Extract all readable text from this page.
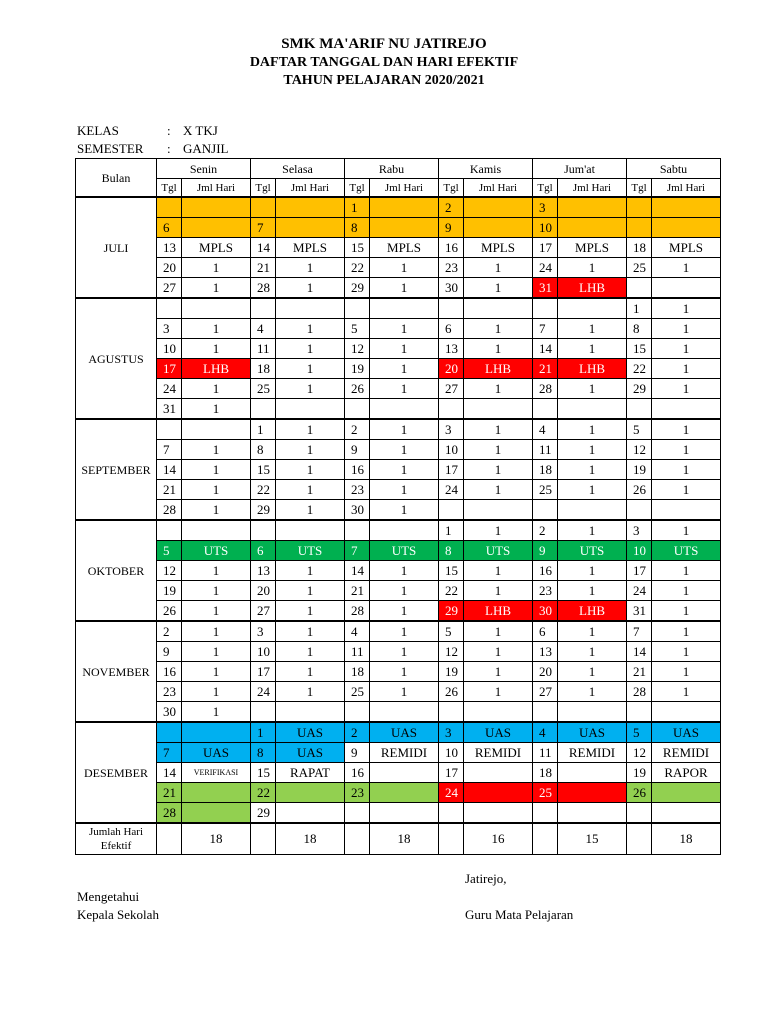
SMK MA'ARIF NU JATIREJO
DAFTAR TANGGAL DAN HARI EFEKTIF
TAHUN PELAJARAN 2020/2021
KELAS	: X TKJ
SEMESTER : GANJIL
Bulan	Senin		Selasa		Rabu		Kamis		Jum'at		Sabtu	
	Tgl	Jml Hari	Tgl	Jml Hari	Tgl	Jml Hari	Tgl	Jml Hari	Tgl	Jml Hari	Tgl	Jml Hari
JULI					1		2		3			
	6		7		8		9		10			
	13	MPLS	14	MPLS	15	MPLS	16	MPLS	17	MPLS	18	MPLS
	20	1	21	1	22	1	23	1	24	1	25	1
	27	1	28	1	29	1	30	1	31	LHB		
AGUSTUS											1	1
	3	1	4	1	5	1	6	1	7	1	8	1
	10	1	11	1	12	1	13	1	14	1	15	1
	17	LHB	18	1	19	1	20	LHB	21	LHB	22	1
	24	1	25	1	26	1	27	1	28	1	29	1
	31	1										
SEPTEMBER			1	1	2	1	3	1	4	1	5	1
	7	1	8	1	9	1	10	1	11	1	12	1
	14	1	15	1	16	1	17	1	18	1	19	1
	21	1	22	1	23	1	24	1	25	1	26	1
	28	1	29	1	30	1						
OKTOBER							1	1	2	1	3	1
	5	UTS	6	UTS	7	UTS	8	UTS	9	UTS	10	UTS
	12	1	13	1	14	1	15	1	16	1	17	1
	19	1	20	1	21	1	22	1	23	1	24	1
	26	1	27	1	28	1	29	LHB	30	LHB	31	1
NOVEMBER	2	1	3	1	4	1	5	1	6	1	7	1
	9	1	10	1	11	1	12	1	13	1	14	1
	16	1	17	1	18	1	19	1	20	1	21	1
	23	1	24	1	25	1	26	1	27	1	28	1
	30	1										
DESEMBER			1	UAS	2	UAS	3	UAS	4	UAS	5	UAS
	7	UAS	8	UAS	9	REMIDI	10	REMIDI	11	REMIDI	12	REMIDI
	14	VERIFIKASI	15	RAPAT	16		17		18		19	RAPOR
	21		22		23		24		25		26	
	28		29									
Jumlah Hari Efektif		18		18		18		16		15		18
Jatirejo,
Mengetahui
Kepala Sekolah	Guru Mata Pelajaran
